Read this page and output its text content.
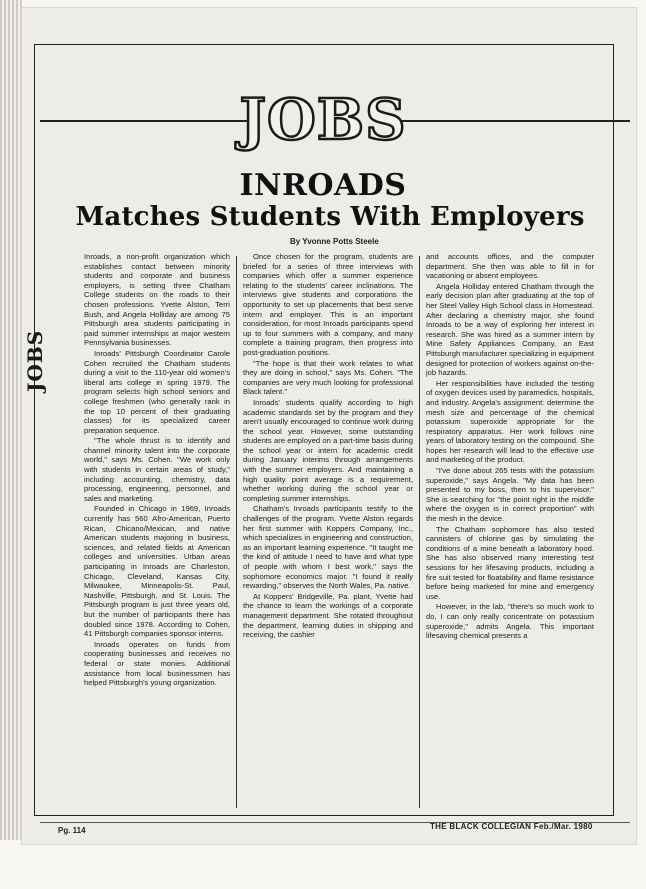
JOBS
INROADS
Matches Students With Employers
By Yvonne Potts Steele
JOBS

Inroads, a non-profit organization which establishes contact between minority students and corporate and business employers, is setting three Chatham College students on the roads to their chosen professions. Yvette Alston, Terri Bush, and Angela Holliday are among 75 Pittsburgh area students participating in paid summer internships at major western Pennsylvania businesses.

Inroads' Pittsburgh Coordinator Carole Cohen recruited the Chatham students during a visit to the 110-year old women's liberal arts college in spring 1979. The program selects high school seniors and college freshmen (who generally rank in the top 10 percent of their graduating classes) for its specialized career preparation sequence.

"The whole thrust is to identify and channel minority talent into the corporate world," says Ms. Cohen. "We work only with students in certain areas of study," including accounting, chemistry, data processing, engineering, personnel, and sales and marketing.

Founded in Chicago in 1969, Inroads currently has 560 Afro-American, Puerto Rican, Chicano/Mexican, and native American students majoring in business, sciences, and related fields at American colleges and universities. Urban areas participating in Inroads are Charleston, Chicago, Cleveland, Kansas City, Milwaukee, Minneapolis-St. Paul, Nashville, Pittsburgh, and St. Louis. The Pittsburgh program is just three years old, but the number of participants there has doubled since 1978. According to Cohen, 41 Pittsburgh companies sponsor interns.

Inroads operates on funds from cooperating businesses and receives no federal or state monies. Additional assistance from local businessmen has helped Pittsburgh's young organization.

Once chosen for the program, students are briefed for a series of three interviews with companies which offer a summer experience relating to the students' career inclinations. The interviews give students and corporations the opportunity to set up placements that best serve intern and employer. This is an important consideration, for most Inroads participants spend up to four summers with a company, and many complete a training program, then progress into post-graduation positions.

"The hope is that their work relates to what they are doing in school," says Ms. Cohen. "The companies are very much looking for professional Black talent."

Inroads' students qualify according to high academic standards set by the program and they aren't usually encouraged to continue work during the school year. However, some outstanding students are employed on a part-time basis during the school year or intern for academic credit during January interims through arrangements with the summer employers. And maintaining a high quality point average is a requirement, whether working during the school year or completing summer internships.

Chatham's Inroads participants testify to the challenges of the program. Yvette Alston regards her first summer with Koppers Company, Inc., which specializes in engineering and construction, as an important learning experience. "It taught me the kind of attitude I need to have and what type of people with whom I best work," says the sophomore economics major. "I found it really rewarding," observes the North Wales, Pa. native.

At Koppers' Bridgeville, Pa. plant, Yvette had the chance to learn the workings of a corporate management department. She rotated throughout the department, learning duties in shipping and receiving, the cashier

and accounts offices, and the computer department. She then was able to fill in for vacationing or absent employees.

Angela Holliday entered Chatham through the early decision plan after graduating at the top of her Steel Valley High School class in Homestead. After declaring a chemistry major, she found Inroads to be a way of exploring her interest in research. She was hired as a summer intern by Mine Safety Appliances Company, an East Pittsburgh manufacturer specializing in equipment designed for protection of workers against on-the-job hazards.

Her responsibilities have included the testing of oxygen devices used by paramedics, hospitals, and industry. Angela's assignment: determine the mesh size and percentage of the chemical potassium superoxide appropriate for the respiratory apparatus. Her work follows nine years of laboratory testing on the compound. She hopes her research will lead to the effective use and marketing of the product.

"I've done about 265 tests with the potassium superoxide," says Angela. "My data has been presented to my boss, then to his supervisor." She is searching for "the point right in the middle where the oxygen is in correct proportion" with the mesh in the device.

The Chatham sophomore has also tested cannisters of chlorine gas by simulating the conditions of a mine beneath a laboratory hood. She has also observed many interesting test sessions for her lifesaving products, including a fire suit tested for floatability and flame resistance before being marketed for mine and emergency use.

However, in the lab, "there's so much work to do, I can only really concentrate on potassium superoxide," admits Angela. This important lifesaving chemical presents a

Pg. 114	THE BLACK COLLEGIAN Feb./Mar. 1980
